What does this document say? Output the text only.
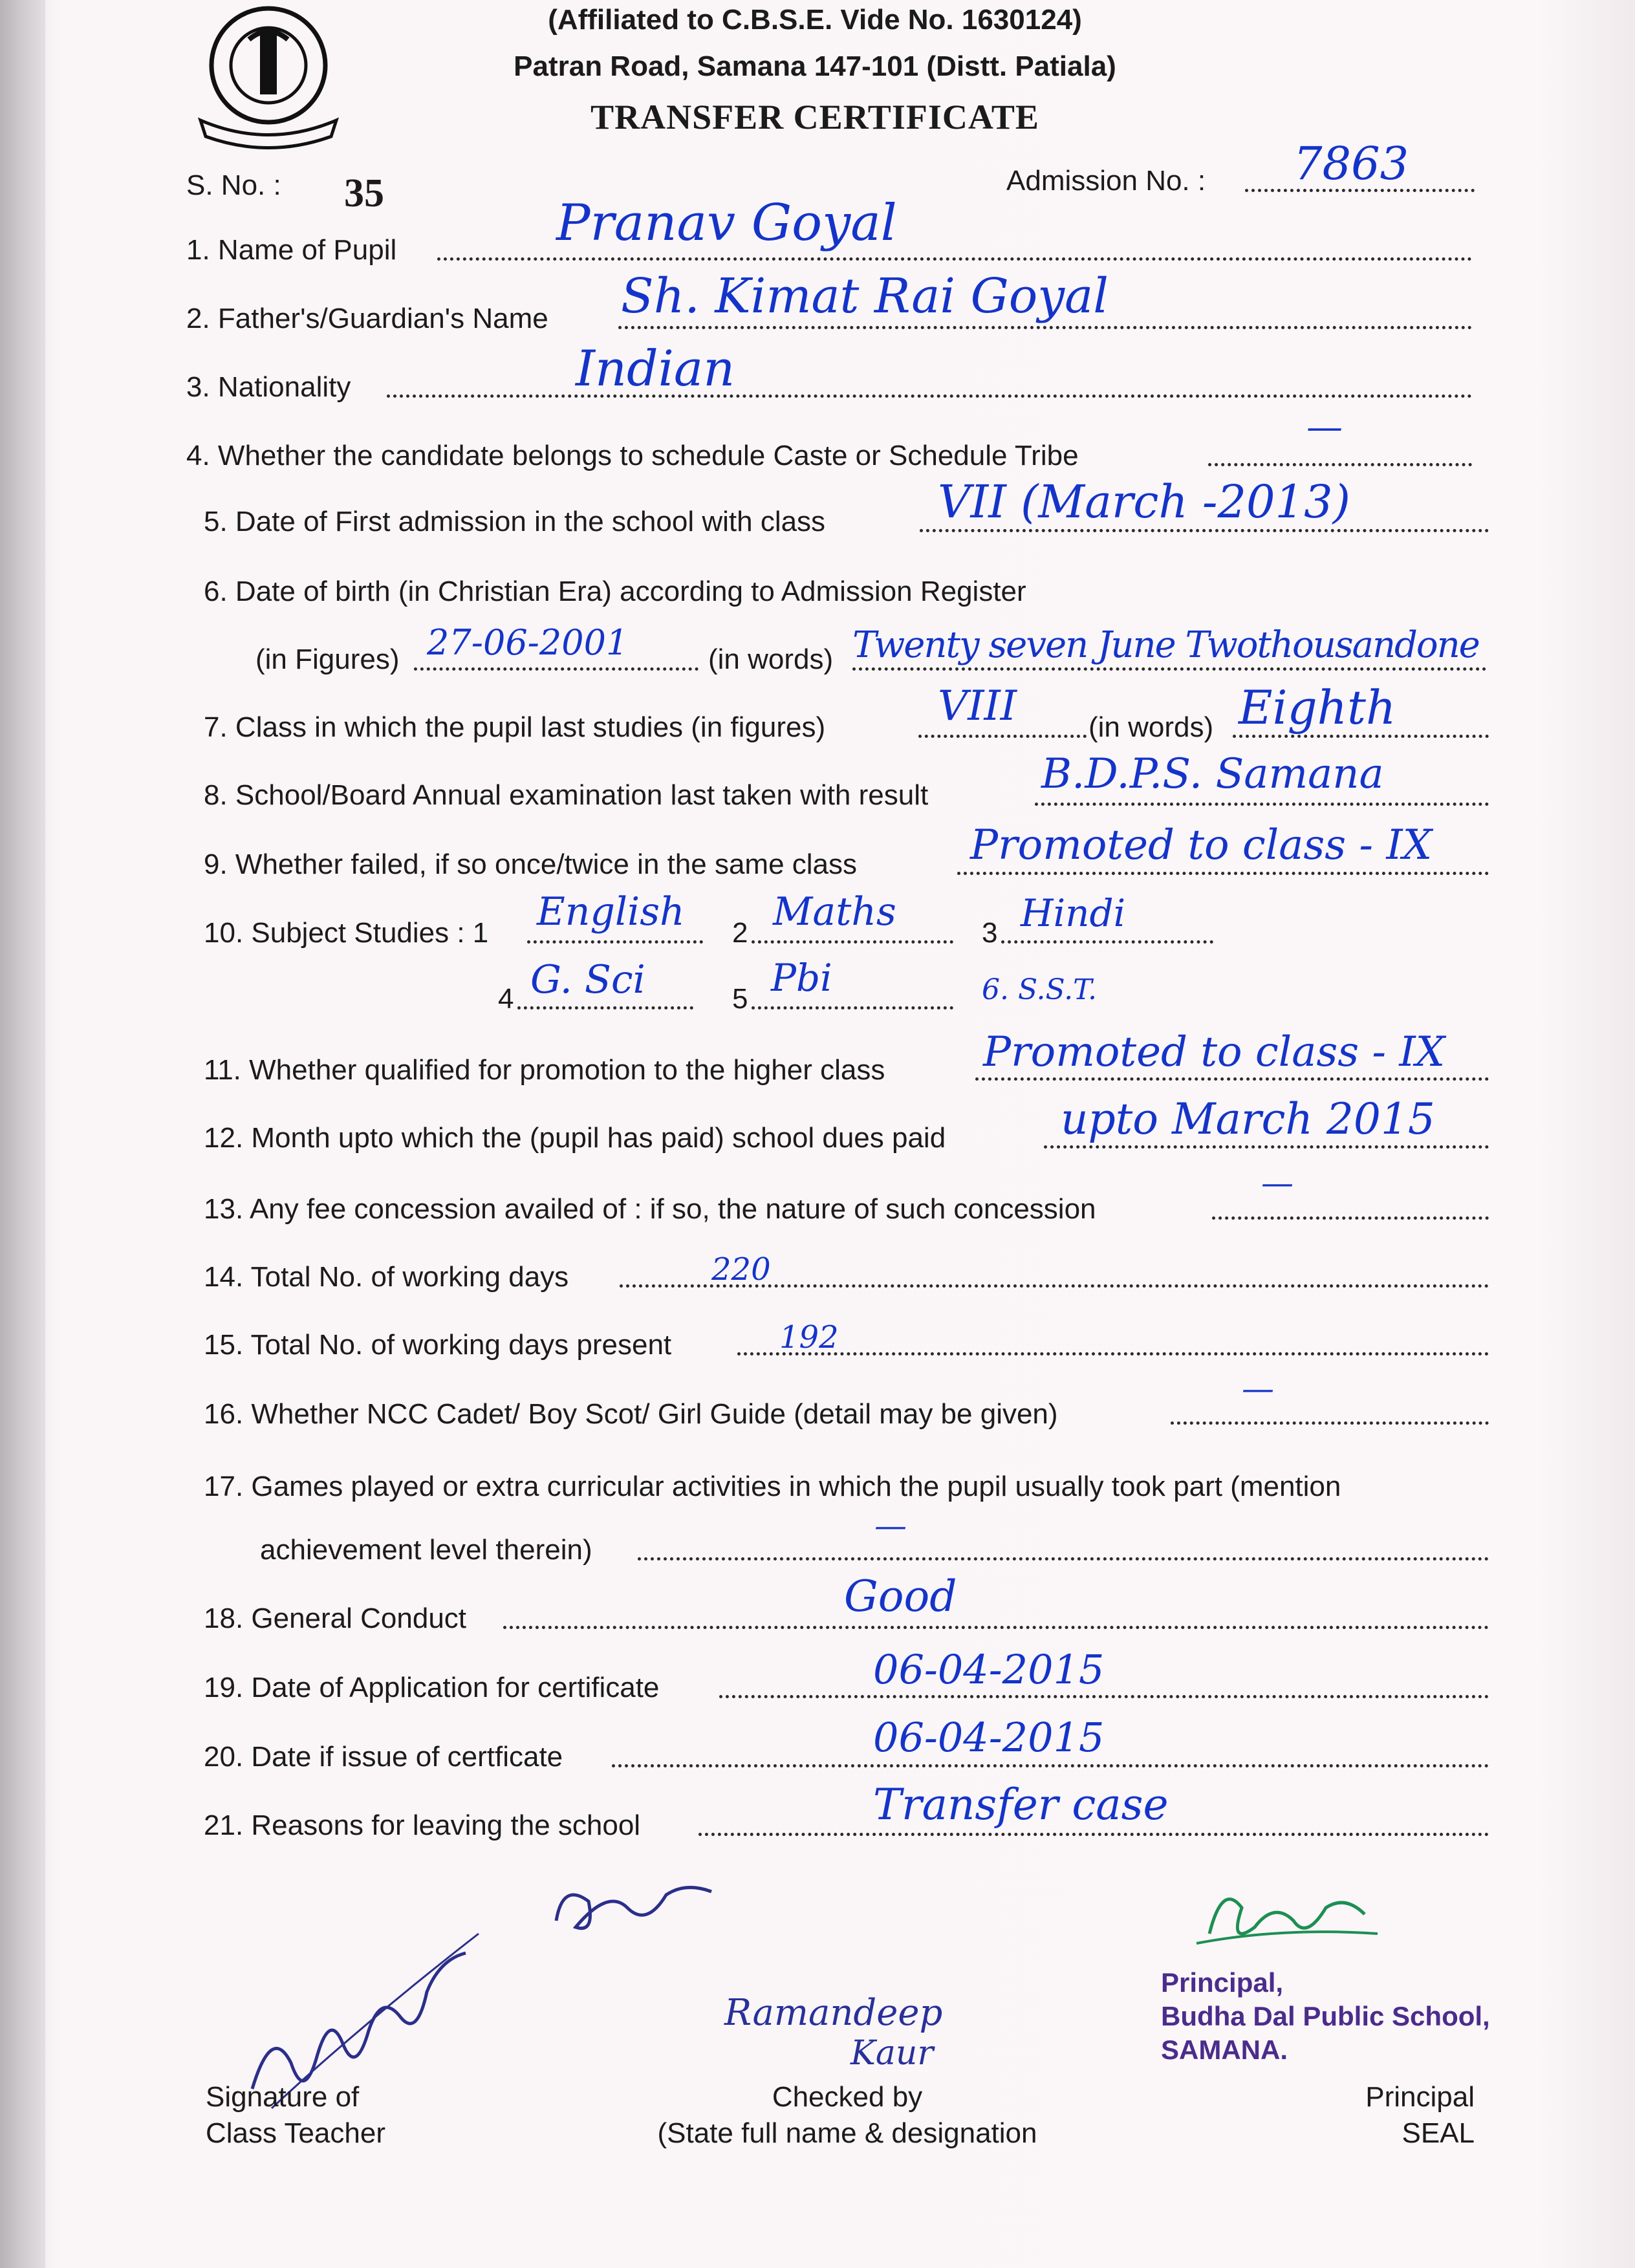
(Affiliated to C.B.S.E. Vide No. 1630124)
Patran Road, Samana 147-101 (Distt. Patiala)
TRANSFER CERTIFICATE
S. No. : 35	Admission No. : 7863
1. Name of Pupil	Pranav Goyal
2. Father's/Guardian's Name Sh. Kimat Rai Goyal
3. Nationality	Indian
4. Whether the candidate belongs to schedule Caste or Schedule Tribe
—
5. Date of First admission in the school with class VII (March -2013)
6. Date of birth (in Christian Era) according to Admission Register
(in Figures) 27-06-2001	(in words) Twenty seven June Twothousandone
7. Class in which the pupil last studies (in figures)	VIII	(in words) Eighth
8. School/Board Annual examination last taken with result	B.D.P.S. Samana
9. Whether failed, if so once/twice in the same class	Promoted to class - IX
10. Subject Studies : 1 English 2 Maths	3 Hindi
4 G. Sci	5 Pbi	6. S.S.T.
11. Whether qualified for promotion to the higher class Promoted to class - IX
12. Month upto which the (pupil has paid) school dues paid	upto March 2015
13. Any fee concession availed of : if so, the nature of such concession
—
14. Total No. of working days	220
15. Total No. of working days present	192
16. Whether NCC Cadet/ Boy Scot/ Girl Guide (detail may be given)
—
17. Games played or extra curricular activities in which the pupil usually took part (mention
achievement level therein)
—
18. General Conduct	Good
19. Date of Application for certificate	06-04-2015
20. Date if issue of certficate	06-04-2015
21. Reasons for leaving the school	Transfer case
Ramandeep
Kaur
Principal,
Budha Dal Public School,
SAMANA.
Signature of
Class Teacher
Checked by
(State full name & designation
Principal
SEAL
